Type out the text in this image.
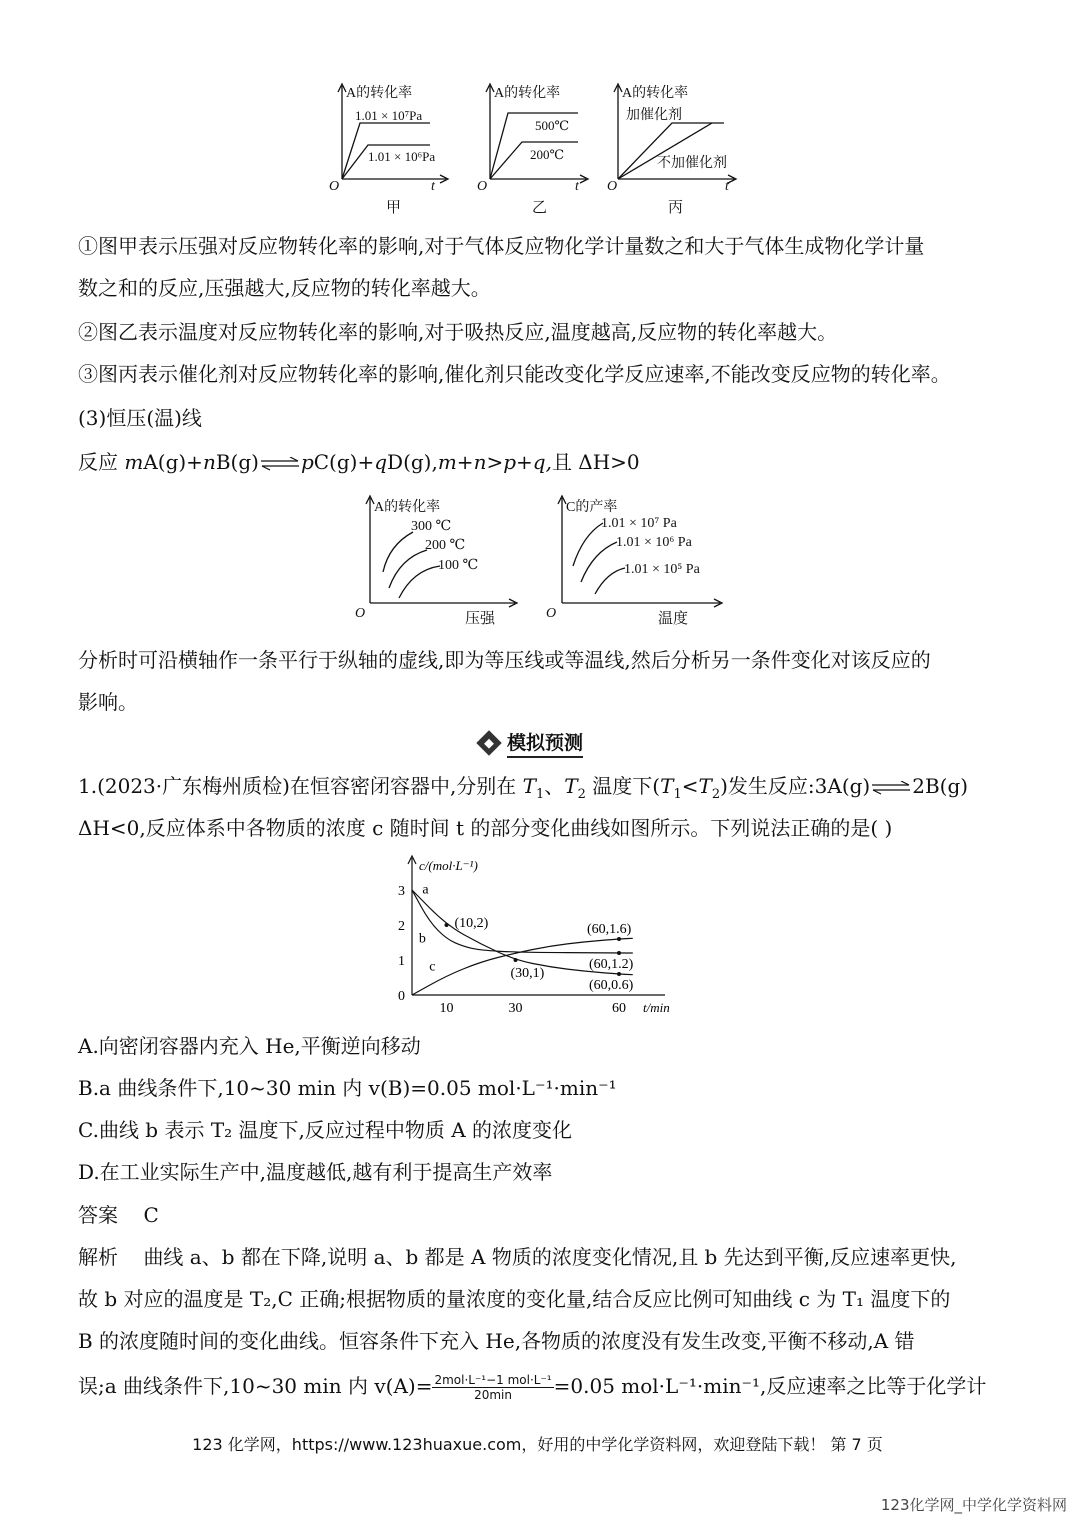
A的转化率
1.01 × 10⁷Pa
1.01 × 10⁶Pa
O	t
甲
A的转化率
500℃
200℃
O	t
乙
A的转化率
加催化剂
不加催化剂
O	t
丙
①图甲表示压强对反应物转化率的影响,对于气体反应物化学计量数之和大于气体生成物化学计量
数之和的反应,压强越大,反应物的转化率越大。
②图乙表示温度对反应物转化率的影响,对于吸热反应,温度越高,反应物的转化率越大。
③图丙表示催化剂对反应物转化率的影响,催化剂只能改变化学反应速率,不能改变反应物的转化率。
(3)恒压(温)线
反应 mA(g)+nB(g)⇌pC(g)+qD(g),m+n>p+q,且 ΔH>0
A的转化率
300 ℃
200 ℃
100 ℃
O	压强
C的产率
1.01 × 10⁷ Pa
1.01 × 10⁶ Pa
1.01 × 10⁵ Pa
O	温度
分析时可沿横轴作一条平行于纵轴的虚线,即为等压线或等温线,然后分析另一条件变化对该反应的
影响。
模拟预测
1.(2023·广东梅州质检)在恒容密闭容器中,分别在 $T_1$、$T_2$ 温度下$(T_1<T_2)$发生反应:3A(g)⇌2B(g)
ΔH<0,反应体系中各物质的浓度 c 随时间 t 的部分变化曲线如图所示。下列说法正确的是( )
c/(mol·L⁻¹)
t/min
0
1
2
3
10	30	60
a
b
c
(10,2)
(30,1)
(60,1.6)
(60,1.2)
(60,0.6)
A.向密闭容器内充入 He,平衡逆向移动
B.a 曲线条件下,10~30 min 内 v(B)=0.05 mol·L⁻¹·min⁻¹
C.曲线 b 表示 T₂ 温度下,反应过程中物质 A 的浓度变化
D.在工业实际生产中,温度越低,越有利于提高生产效率
答案 C
解析 曲线 a、b 都在下降,说明 a、b 都是 A 物质的浓度变化情况,且 b 先达到平衡,反应速率更快,
故 b 对应的温度是 T₂,C 正确;根据物质的量浓度的变化量,结合反应比例可知曲线 c 为 T₁ 温度下的
B 的浓度随时间的变化曲线。恒容条件下充入 He,各物质的浓度没有发生改变,平衡不移动,A 错
误;a 曲线条件下,10~30 min 内 $v(A)= \frac{\text{2mol·L⁻¹−1 mol·L⁻¹}}{20\min} =0.05$ mol·L⁻¹·min⁻¹,反应速率之比等于化学计
123 化学网，https://www.123huaxue.com，好用的中学化学资料网，欢迎登陆下载！ 第 7 页
123化学网_中学化学资料网
